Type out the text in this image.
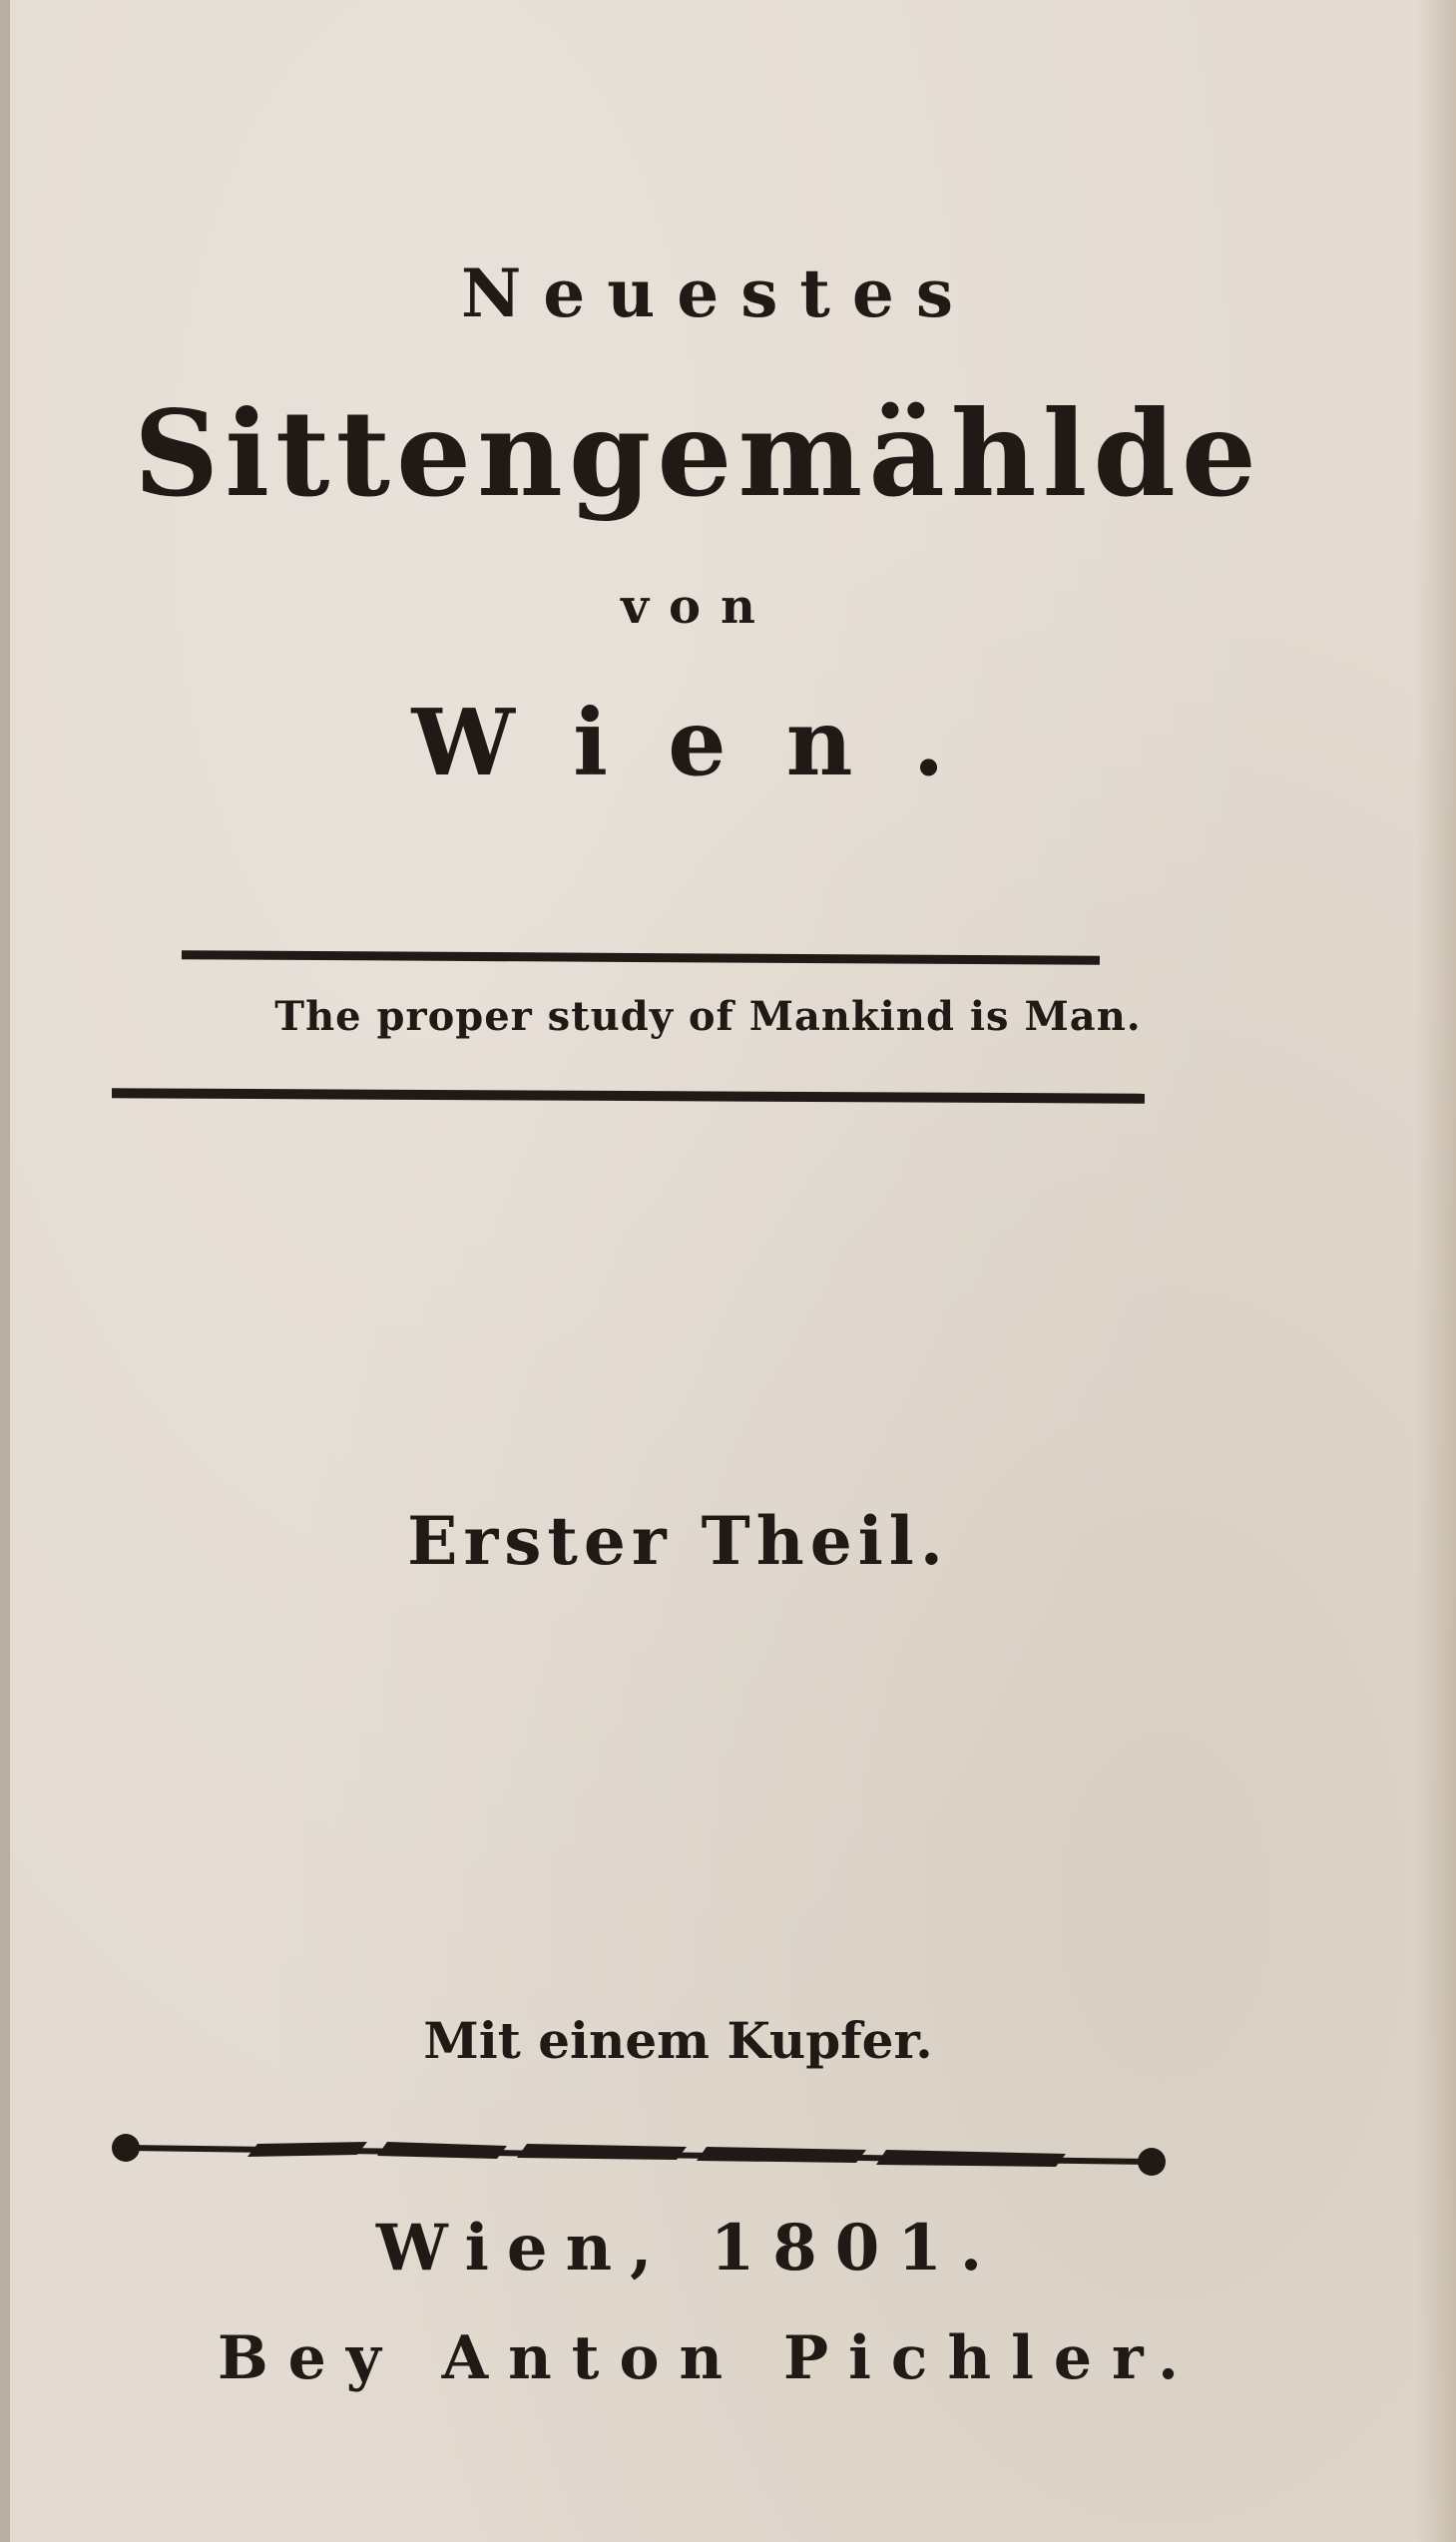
Neuestes
Sittengemählde
von
Wien.
The proper study of Mankind is Man.
Erster Theil.
Mit einem Kupfer.
Wien, 1801.
Bey Anton Pichler.
